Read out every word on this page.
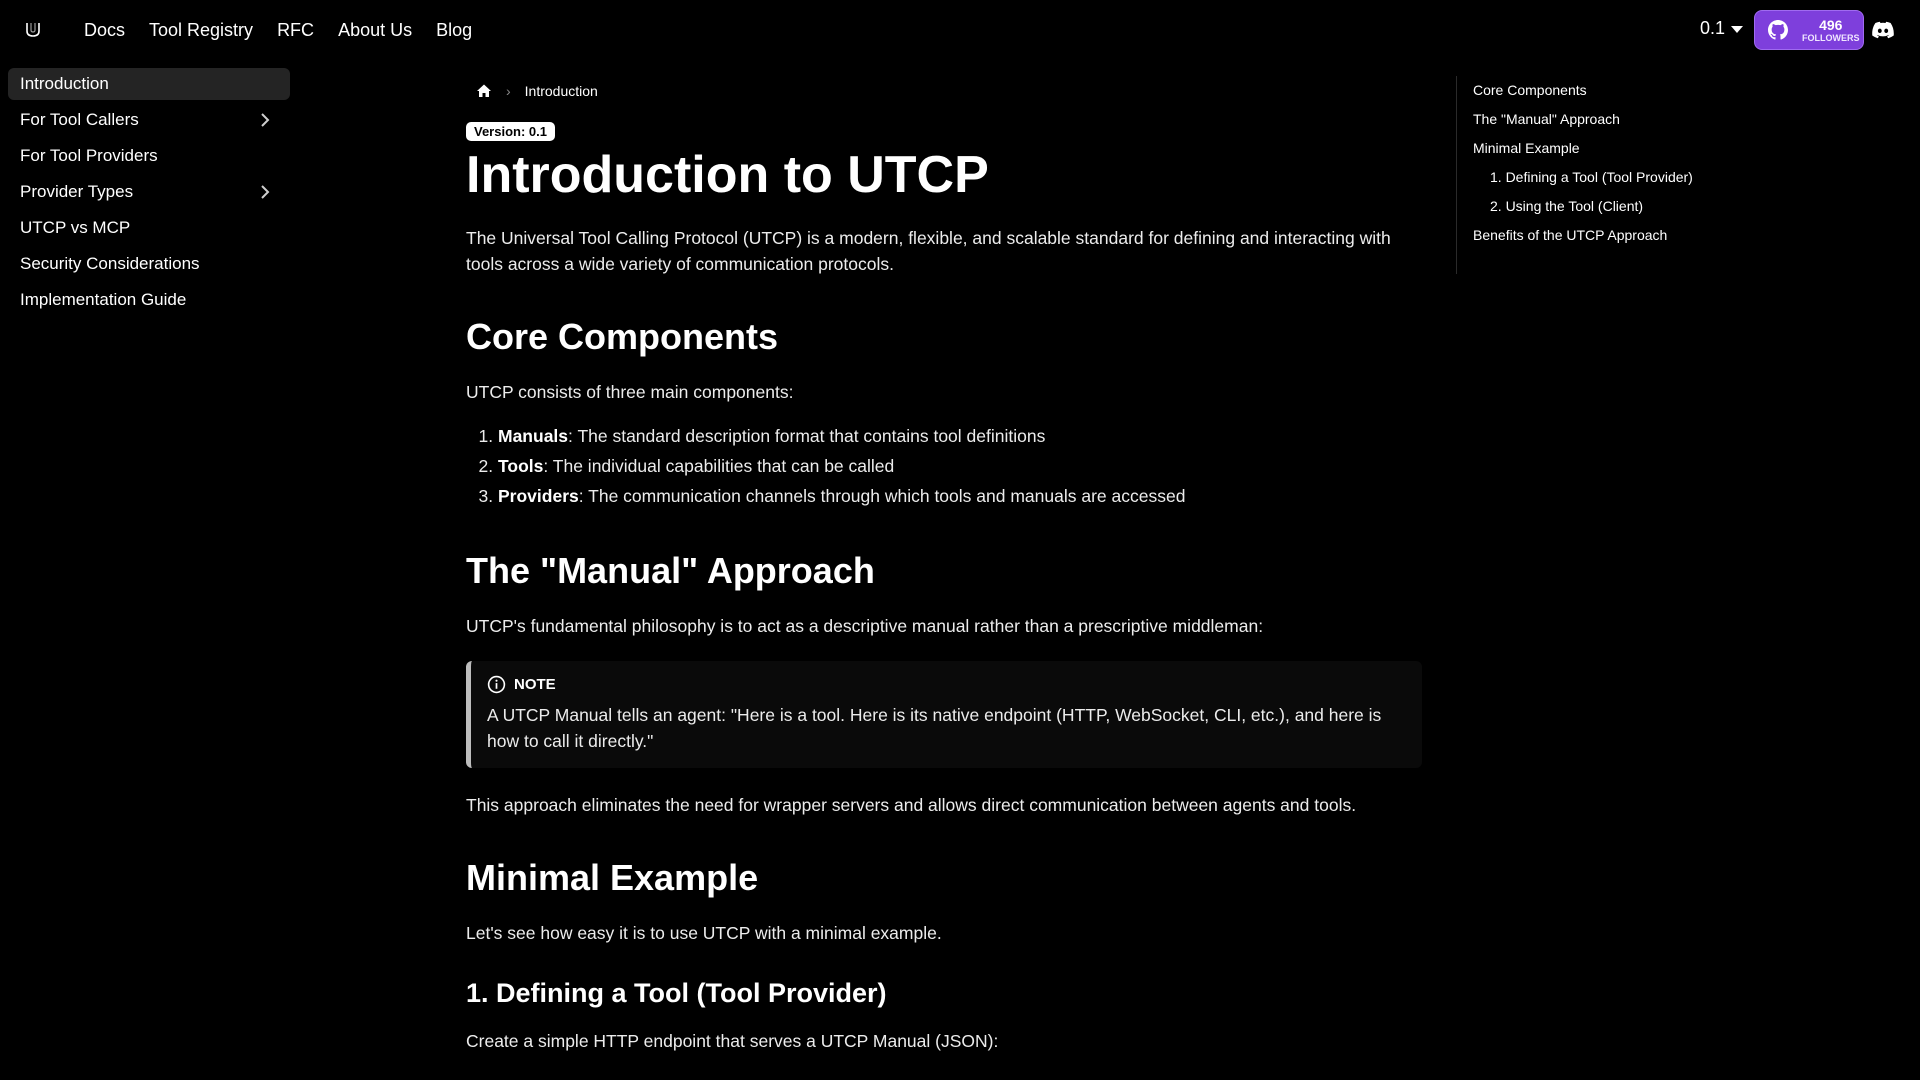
Docs Tool Registry RFC About Us Blog	0.1	496
FOLLOWERS
Introduction
For Tool Callers
For Tool Providers
Provider Types
UTCP vs MCP
Security Considerations
Implementation Guide
› Introduction
Version: 0.1
Introduction to UTCP

The Universal Tool Calling Protocol (UTCP) is a modern, flexible, and scalable standard for defining and interacting with tools across a wide variety of communication protocols.

Core Components

UTCP consists of three main components:

1. Manuals: The standard description format that contains tool definitions
2. Tools: The individual capabilities that can be called
3. Providers: The communication channels through which tools and manuals are accessed
The "Manual" Approach

UTCP's fundamental philosophy is to act as a descriptive manual rather than a prescriptive middleman:

NOTE
A UTCP Manual tells an agent: "Here is a tool. Here is its native endpoint (HTTP, WebSocket, CLI, etc.), and here is how to call it directly."

This approach eliminates the need for wrapper servers and allows direct communication between agents and tools.

Minimal Example

Let's see how easy it is to use UTCP with a minimal example.

1. Defining a Tool (Tool Provider)

Create a simple HTTP endpoint that serves a UTCP Manual (JSON):

Core Components
The "Manual" Approach
Minimal Example
1. Defining a Tool (Tool Provider)
2. Using the Tool (Client)
Benefits of the UTCP Approach
